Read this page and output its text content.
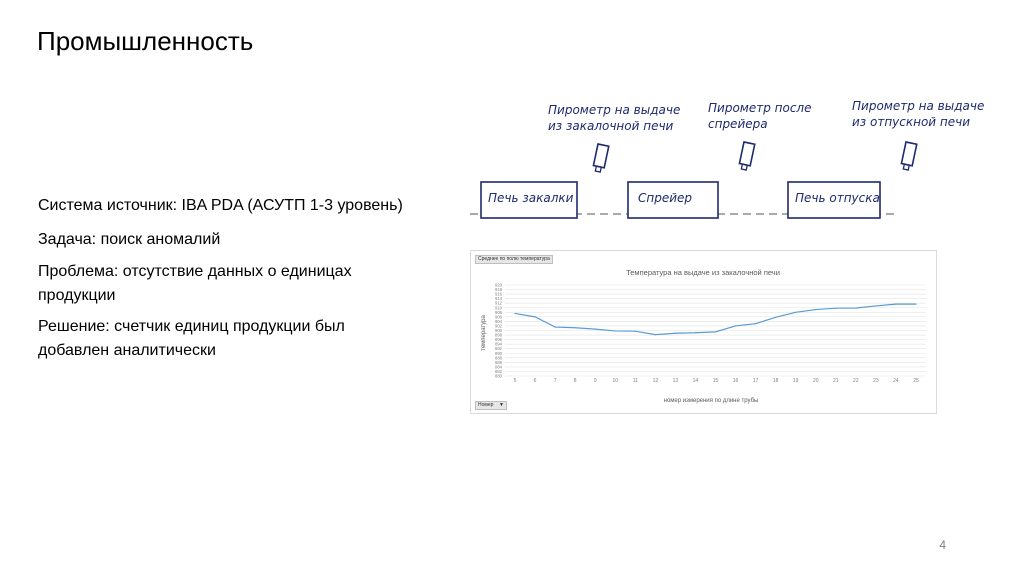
Промышленность
Система источник: IBA PDA (АСУТП 1-3 уровень)
Задача: поиск аномалий
Проблема: отсутствие данных о единицах продукции
Решение: счетчик единиц продукции был добавлен аналитически
Пирометр на выдаче из закалочной печи
Пирометр после спрейера
Пирометр на выдаче из отпускной печи
Печь закалки	Спрейер	Печь отпуска
Температура на выдаче из закалочной печи
номер измерения по длине трубы
температура
880
882
884
886
888
890
892
894
896
898
900
902
904
906
908
910
912
914
916
918
920
5	6	7	8	9	10	11	12	13	14	15	16	17	18	19	20	21	22	23	24	25
Среднее по полю температура
Номер ▼
4
